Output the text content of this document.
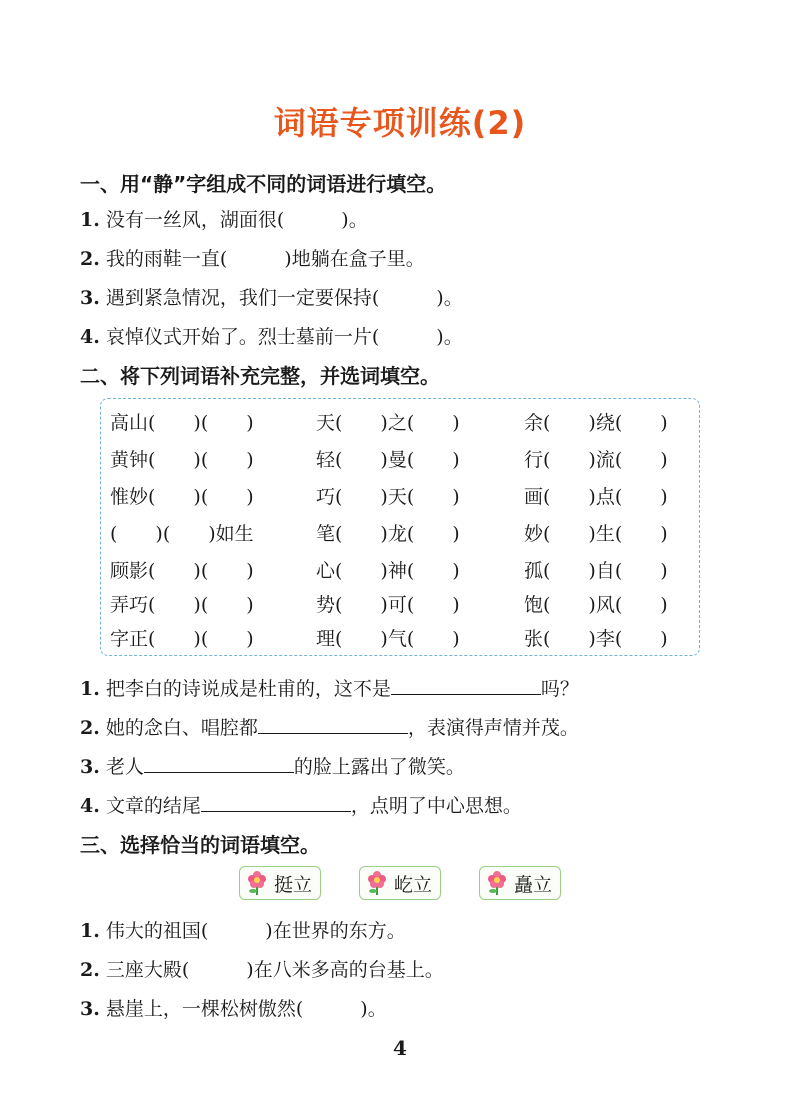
词语专项训练(2)
一、用“静”字组成不同的词语进行填空。
1. 没有一丝风，湖面很(　　　)。
2. 我的雨鞋一直(　　　)地躺在盒子里。
3. 遇到紧急情况，我们一定要保持(　　　)。
4. 哀悼仪式开始了。烈士墓前一片(　　　)。
二、将下列词语补充完整，并选词填空。
高山(　　)(　　)	天(　　)之(　　)	余(　　)绕(　　)
黄钟(　　)(　　)	轻(　　)曼(　　)	行(　　)流(　　)
惟妙(　　)(　　)	巧(　　)天(　　)	画(　　)点(　　)
(　　)(　　)如生	笔(　　)龙(　　)	妙(　　)生(　　)
顾影(　　)(　　)	心(　　)神(　　)	孤(　　)自(　　)
弄巧(　　)(　　)	势(　　)可(　　)	饱(　　)风(　　)
字正(　　)(　　)	理(　　)气(　　)	张(　　)李(　　)
1. 把李白的诗说成是杜甫的，这不是	吗？
2. 她的念白、唱腔都	，表演得声情并茂。
3. 老人	的脸上露出了微笑。
4. 文章的结尾	，点明了中心思想。
三、选择恰当的词语填空。
挺立	屹立	矗立
1. 伟大的祖国(　　　)在世界的东方。
2. 三座大殿(　　　)在八米多高的台基上。
3. 悬崖上，一棵松树傲然(　　　)。
4
